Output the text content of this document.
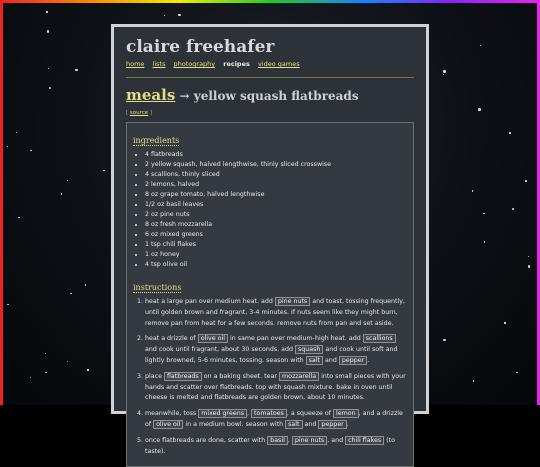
claire freehafer
home lists photography recipes video games
meals → yellow squash flatbreads
[ source ]
ingredients
• 4 flatbreads
• 2 yellow squash, halved lengthwise, thinly sliced crosswise
• 4 scallions, thinly sliced
• 2 lemons, halved
• 8 oz grape tomato, halved lengthwise
• 1/2 oz basil leaves
• 2 oz pine nuts
• 8 oz fresh mozzarella
• 6 oz mixed greens
• 1 tsp chili flakes
• 1 oz honey
• 4 tsp olive oil
instructions
1. heat a large pan over medium heat. add pine nuts and toast, tossing frequently, until golden brown and fragrant, 3-4 minutes. If nuts seem like they might burn, remove pan from heat for a few seconds. remove nuts from pan and set aside.
2. heat a drizzle of olive oil in same pan over medium-high heat. add scallions and cook until fragrant, about 30 seconds. add squash and cook until soft and lightly browned, 5-6 minutes, tossing. season with salt and pepper .
3. place flatbreads on a baking sheet. tear mozzarella into small pieces with your hands and scatter over flatbreads. top with squash mixture. bake in oven until cheese is melted and flatbreads are golden brown, about 10 minutes.
4. meanwhile, toss mixed greens , tomatoes , a squeeze of lemon , and a drizzle of olive oil in a medium bowl. season with salt and pepper .
5. once flatbreads are done, scatter with basil , pine nuts , and chili flakes (to taste).
